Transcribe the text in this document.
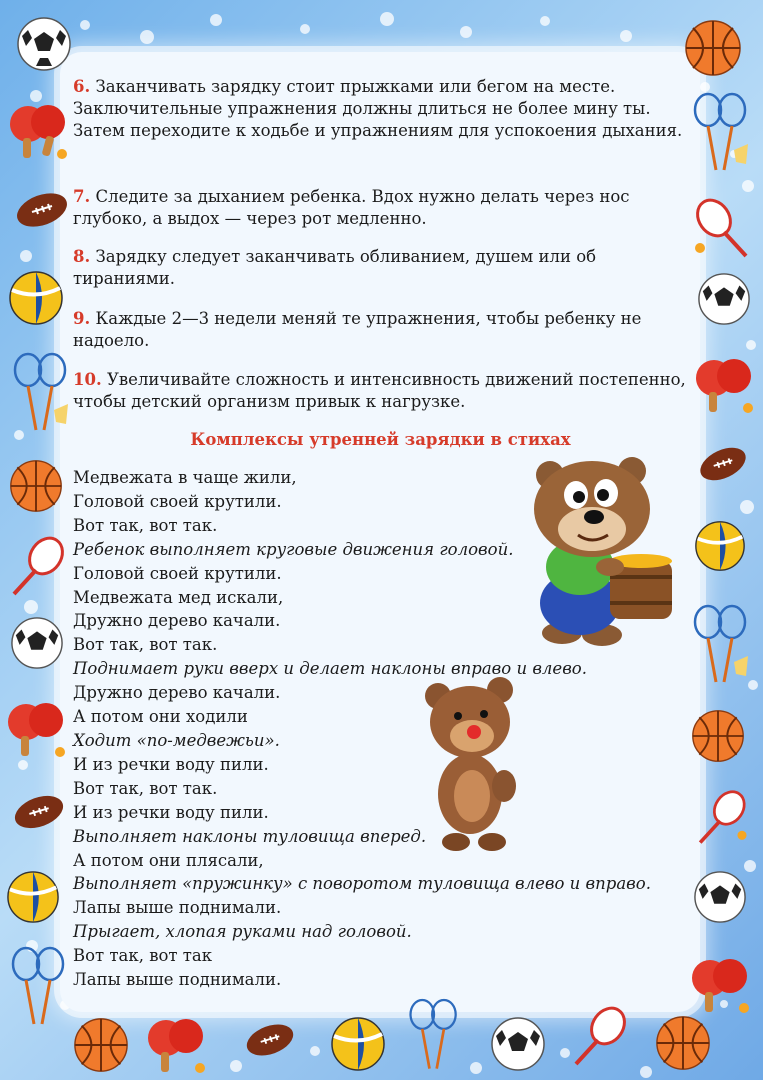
6. Заканчивать зарядку стоит прыжками или бегом на месте. Заключительные упражнения должны длиться не более мину ты. Затем переходите к ходьбе и упражнениям для успокоения дыхания.

7. Следите за дыханием ребенка. Вдох нужно делать через нос глубоко, а выдох — через рот медленно.

8. Зарядку следует заканчивать обливанием, душем или об тираниями.

9. Каждые 2—3 недели меняй те упражнения, чтобы ребенку не надоело.

10. Увеличивайте сложность и интенсивность движений постепенно, чтобы детский организм привык к нагрузке.

Комплексы утренней зарядки в стихах

Медвежата в чаще жили,
Головой своей крутили.
Вот так, вот так.
Ребенок выполняет круговые движения головой.
Головой своей крутили.
Медвежата мед искали,
Дружно дерево качали.
Вот так, вот так.
Поднимает руки вверх и делает наклоны вправо и влево.
Дружно дерево качали.
А потом они ходили
Ходит «по-медвежьи».
И из речки воду пили.
Вот так, вот так.
И из речки воду пили.
Выполняет наклоны туловища вперед.
А потом они плясали,
Выполняет «пружинку» с поворотом туловища влево и вправо.
Лапы выше поднимали.
Прыгает, хлопая руками над головой.
Вот так, вот так
Лапы выше поднимали.
